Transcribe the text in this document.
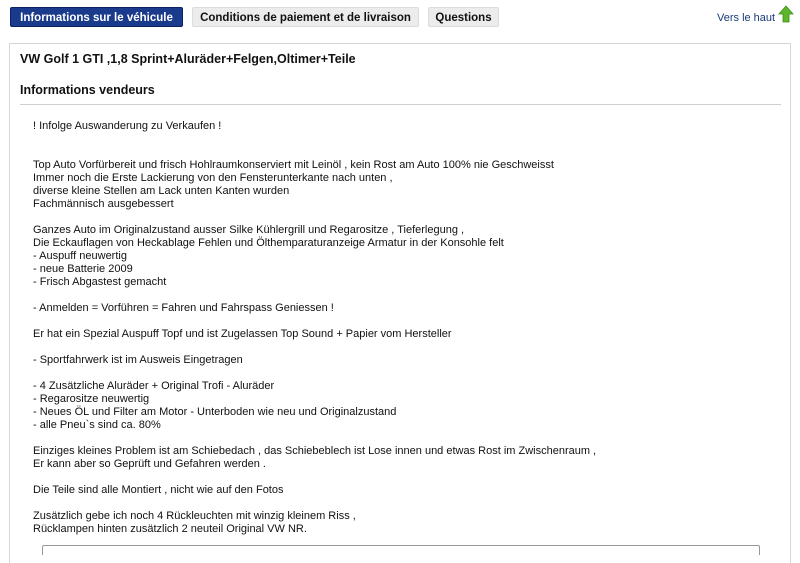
Informations sur le véhicule	Conditions de paiement et de livraison	Questions	Vers le haut
VW Golf 1 GTI ,1,8 Sprint+Aluräder+Felgen,Oltimer+Teile
Informations vendeurs
! Infolge Auswanderung zu Verkaufen !
Top Auto Vorfürbereit und frisch Hohlraumkonserviert mit Leinöl , kein Rost am Auto 100% nie Geschweisst
Immer noch die Erste Lackierung von den Fensterunterkante nach unten ,
diverse kleine Stellen am Lack unten Kanten wurden
Fachmännisch ausgebessert
Ganzes Auto im Originalzustand ausser Silke Kühlergrill und Regarositze , Tieferlegung ,
Die Eckauflagen von Heckablage Fehlen und Ölthemparaturanzeige Armatur in der Konsohle felt
- Auspuff neuwertig
- neue Batterie 2009
- Frisch Abgastest gemacht
- Anmelden = Vorführen = Fahren und Fahrspass Geniessen !
Er hat ein Spezial Auspuff Topf und ist Zugelassen Top Sound + Papier vom Hersteller
- Sportfahrwerk ist im Ausweis Eingetragen
- 4 Zusätzliche Aluräder + Original Trofi - Aluräder
- Regarositze neuwertig
- Neues ÖL und Filter am Motor - Unterboden wie neu und Originalzustand
- alle Pneu`s sind ca. 80%
Einziges kleines Problem ist am Schiebedach , das Schiebeblech ist Lose innen und etwas Rost im Zwischenraum ,
Er kann aber so Geprüft und Gefahren werden .
Die Teile sind alle Montiert , nicht wie auf den Fotos
Zusätzlich gebe ich noch 4 Rückleuchten mit winzig kleinem Riss ,
Rücklampen hinten zusätzlich 2 neuteil Original VW NR.
